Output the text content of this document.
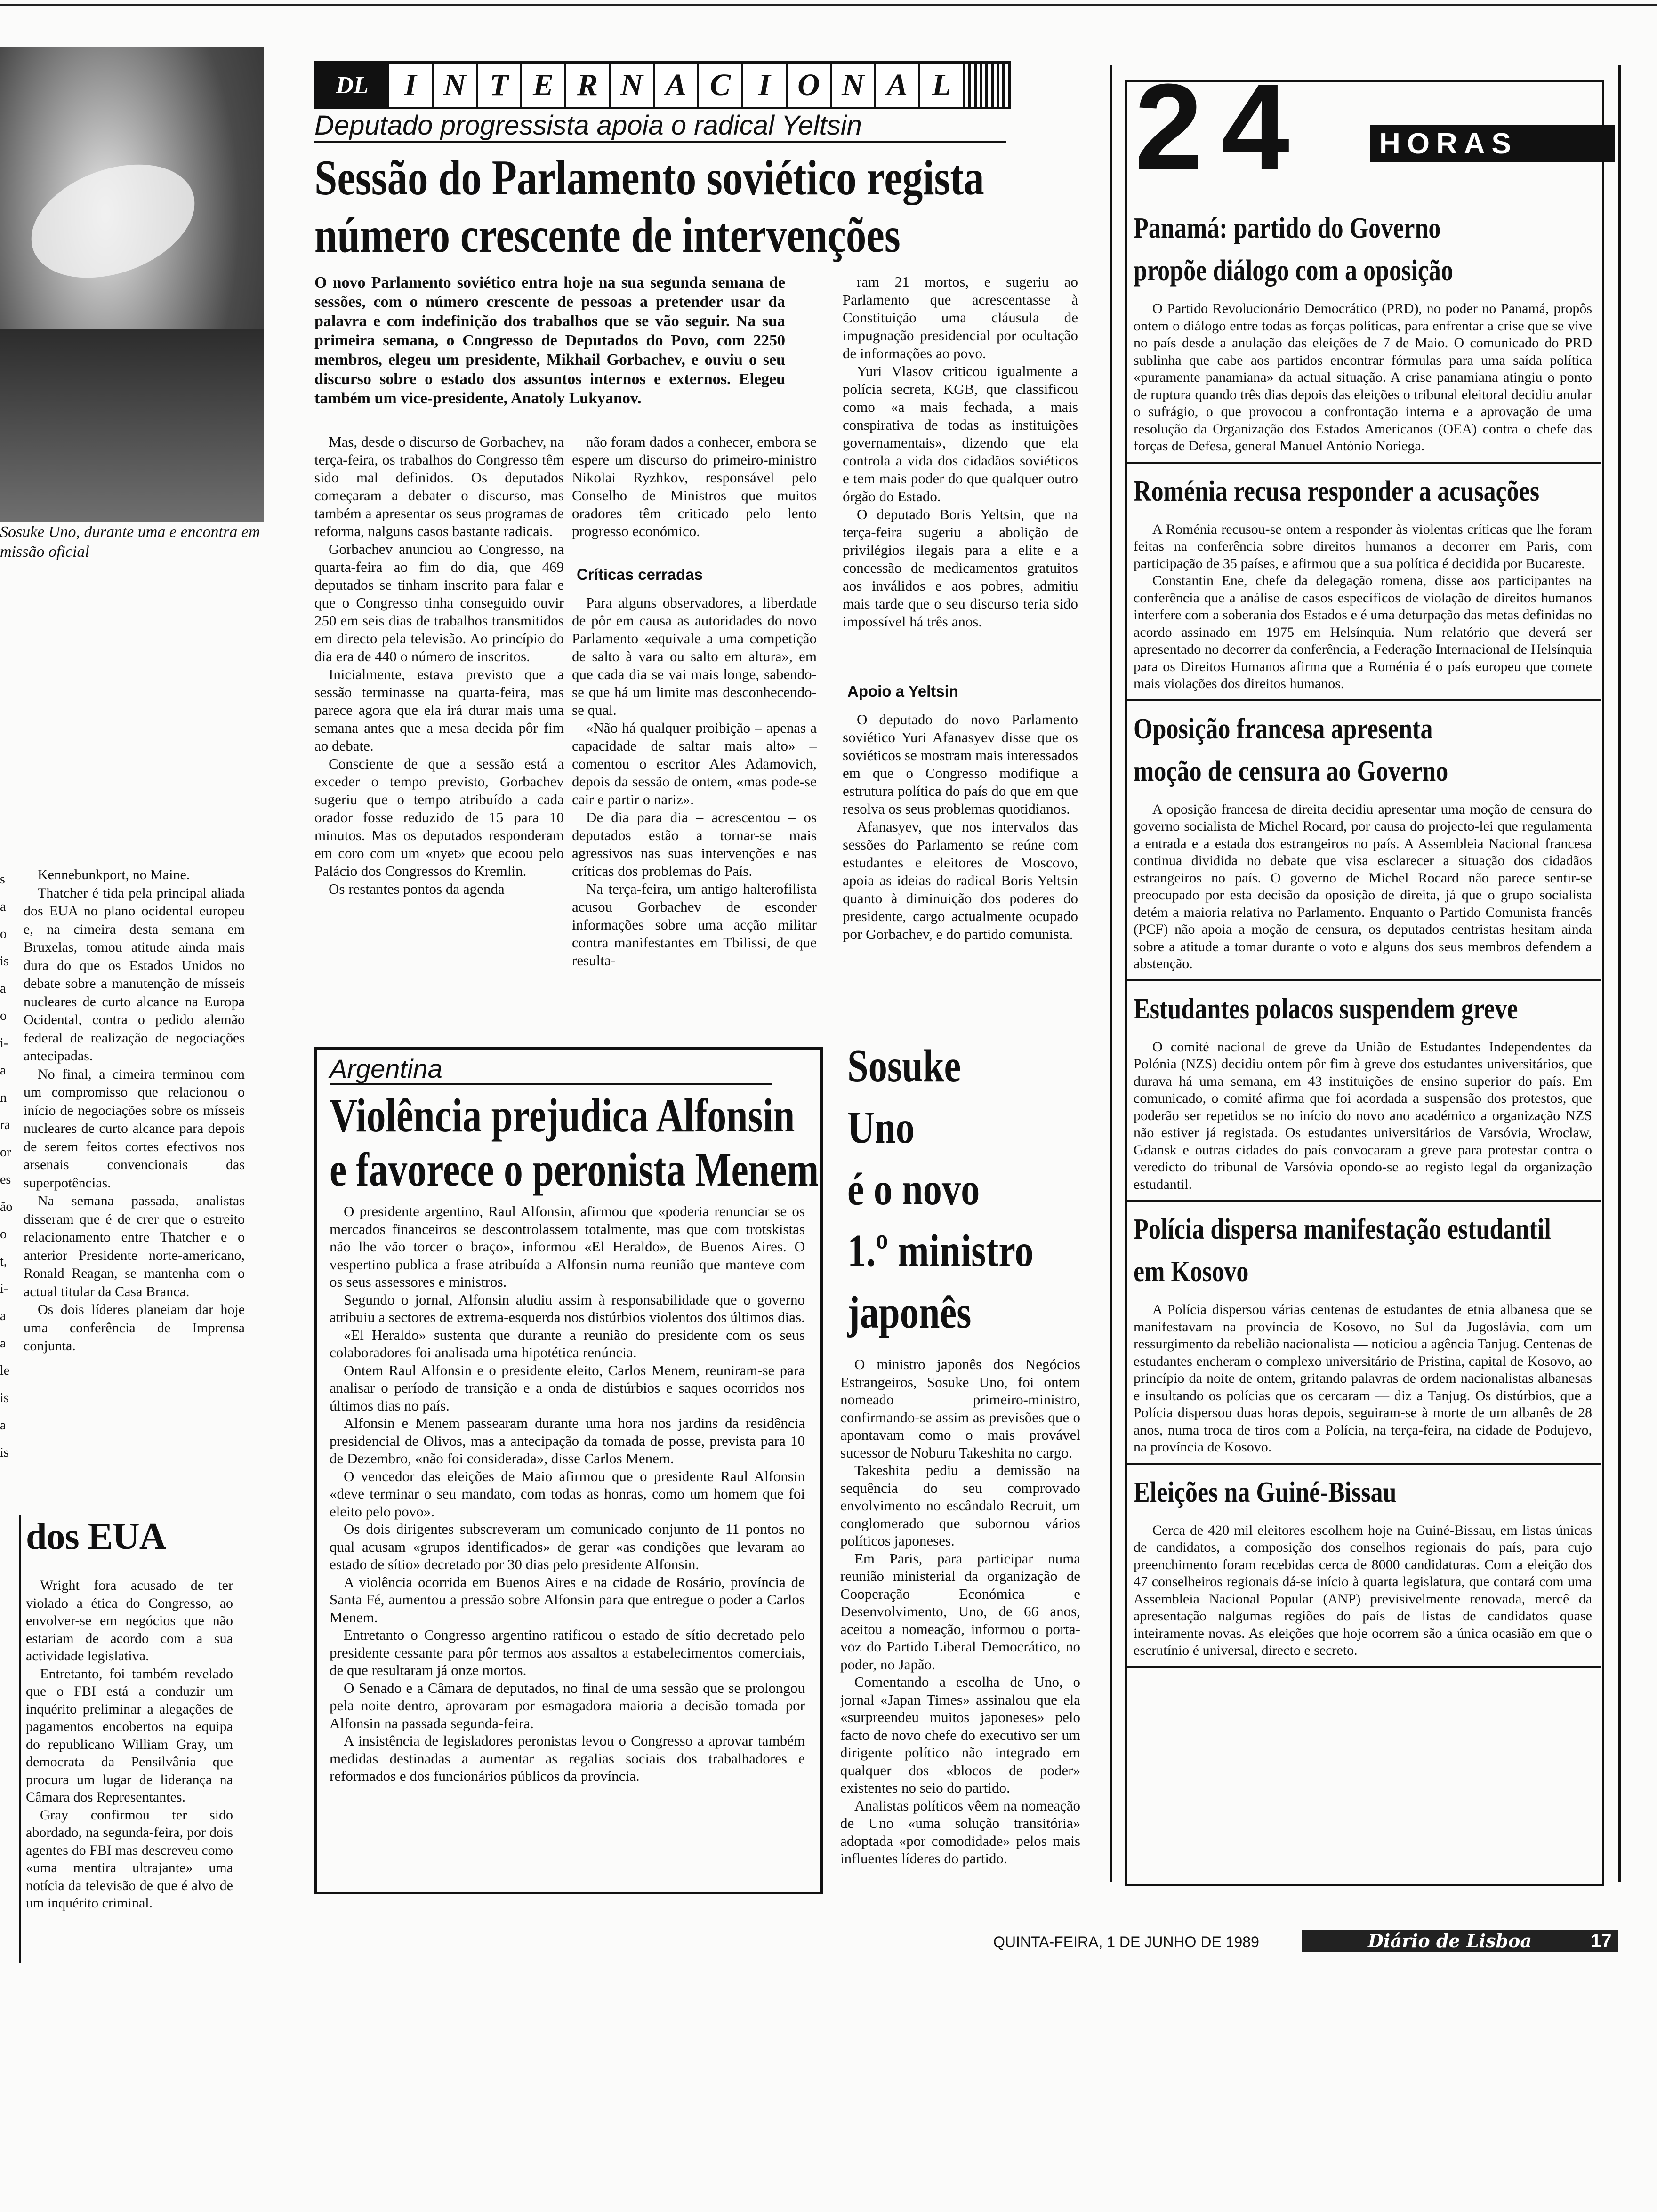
Sosuke Uno, durante uma e encontra em missão oficial
s
a
o
is
a
o
i-
a
n
ra
or
es
ão
o
t,
i-
a
a
le
is
a
is

Kennebunkport, no Maine.

Thatcher é tida pela principal aliada dos EUA no plano ocidental europeu e, na cimeira desta semana em Bruxelas, tomou atitude ainda mais dura do que os Estados Unidos no debate sobre a manutenção de mísseis nucleares de curto alcance na Europa Ocidental, contra o pedido alemão federal de realização de negociações antecipadas.

No final, a cimeira terminou com um compromisso que relacionou o início de negociações sobre os mísseis nucleares de curto alcance para depois de serem feitos cortes efectivos nos arsenais convencionais das superpotências.

Na semana passada, analistas disseram que é de crer que o estreito relacionamento entre Thatcher e o anterior Presidente norte-americano, Ronald Reagan, se mantenha com o actual titular da Casa Branca.

Os dois líderes planeiam dar hoje uma conferência de Imprensa conjunta.

dos EUA

Wright fora acusado de ter violado a ética do Congresso, ao envolver-se em negócios que não estariam de acordo com a sua actividade legislativa.

Entretanto, foi também revelado que o FBI está a conduzir um inquérito preliminar a alegações de pagamentos encobertos na equipa do republicano William Gray, um democrata da Pensilvânia que procura um lugar de liderança na Câmara dos Representantes.

Gray confirmou ter sido abordado, na segunda-feira, por dois agentes do FBI mas descreveu como «uma mentira ultrajante» uma notícia da televisão de que é alvo de um inquérito criminal.

DL	I N T E R N A C I O N A L
Deputado progressista apoia o radical Yeltsin
Sessão do Parlamento soviético regista
número crescente de intervenções
O novo Parlamento soviético entra hoje na sua segunda semana de sessões, com o número crescente de pessoas a pretender usar da palavra e com indefinição dos trabalhos que se vão seguir. Na sua primeira semana, o Congresso de Deputados do Povo, com 2250 membros, elegeu um presidente, Mikhail Gorbachev, e ouviu o seu discurso sobre o estado dos assuntos internos e externos. Elegeu também um vice-presidente, Anatoly Lukyanov.

Mas, desde o discurso de Gorbachev, na terça-feira, os trabalhos do Congresso têm sido mal definidos. Os deputados começaram a debater o discurso, mas também a apresentar os seus programas de reforma, nalguns casos bastante radicais.

Gorbachev anunciou ao Congresso, na quarta-feira ao fim do dia, que 469 deputados se tinham inscrito para falar e que o Congresso tinha conseguido ouvir 250 em seis dias de trabalhos transmitidos em directo pela televisão. Ao princípio do dia era de 440 o número de inscritos.

Inicialmente, estava previsto que a sessão terminasse na quarta-feira, mas parece agora que ela irá durar mais uma semana antes que a mesa decida pôr fim ao debate.

Consciente de que a sessão está a exceder o tempo previsto, Gorbachev sugeriu que o tempo atribuído a cada orador fosse reduzido de 15 para 10 minutos. Mas os deputados responderam em coro com um «nyet» que ecoou pelo Palácio dos Congressos do Kremlin.

Os restantes pontos da agenda

não foram dados a conhecer, embora se espere um discurso do primeiro-ministro Nikolai Ryzhkov, responsável pelo Conselho de Ministros que muitos oradores têm criticado pelo lento progresso económico.

Críticas cerradas

Para alguns observadores, a liberdade de pôr em causa as autoridades do novo Parlamento «equivale a uma competição de salto à vara ou salto em altura», em que cada dia se vai mais longe, sabendo-se que há um limite mas desconhecendo-se qual.

«Não há qualquer proibição – apenas a capacidade de saltar mais alto» – comentou o escritor Ales Adamovich, depois da sessão de ontem, «mas pode-se cair e partir o nariz».

De dia para dia – acrescentou – os deputados estão a tornar-se mais agressivos nas suas intervenções e nas críticas dos problemas do País.

Na terça-feira, um antigo halterofilista acusou Gorbachev de esconder informações sobre uma acção militar contra manifestantes em Tbilissi, de que resulta-

ram 21 mortos, e sugeriu ao Parlamento que acrescentasse à Constituição uma cláusula de impugnação presidencial por ocultação de informações ao povo.

Yuri Vlasov criticou igualmente a polícia secreta, KGB, que classificou como «a mais fechada, a mais conspirativa de todas as instituições governamentais», dizendo que ela controla a vida dos cidadãos soviéticos e tem mais poder do que qualquer outro órgão do Estado.

O deputado Boris Yeltsin, que na terça-feira sugeriu a abolição de privilégios ilegais para a elite e a concessão de medicamentos gratuitos aos inválidos e aos pobres, admitiu mais tarde que o seu discurso teria sido impossível há três anos.

Apoio a Yeltsin

O deputado do novo Parlamento soviético Yuri Afanasyev disse que os soviéticos se mostram mais interessados em que o Congresso modifique a estrutura política do país do que em que resolva os seus problemas quotidianos.

Afanasyev, que nos intervalos das sessões do Parlamento se reúne com estudantes e eleitores de Moscovo, apoia as ideias do radical Boris Yeltsin quanto à diminuição dos poderes do presidente, cargo actualmente ocupado por Gorbachev, e do partido comunista.

Argentina
Violência prejudica Alfonsin
e favorece o peronista Menem

O presidente argentino, Raul Alfonsin, afirmou que «poderia renunciar se os mercados financeiros se descontrolassem totalmente, mas que com trotskistas não lhe vão torcer o braço», informou «El Heraldo», de Buenos Aires. O vespertino publica a frase atribuída a Alfonsin numa reunião que manteve com os seus assessores e ministros.

Segundo o jornal, Alfonsin aludiu assim à responsabilidade que o governo atribuiu a sectores de extrema-esquerda nos distúrbios violentos dos últimos dias.

«El Heraldo» sustenta que durante a reunião do presidente com os seus colaboradores foi analisada uma hipotética renúncia.

Ontem Raul Alfonsin e o presidente eleito, Carlos Menem, reuniram-se para analisar o período de transição e a onda de distúrbios e saques ocorridos nos últimos dias no país.

Alfonsin e Menem passearam durante uma hora nos jardins da residência presidencial de Olivos, mas a antecipação da tomada de posse, prevista para 10 de Dezembro, «não foi considerada», disse Carlos Menem.

O vencedor das eleições de Maio afirmou que o presidente Raul Alfonsin «deve terminar o seu mandato, com todas as honras, como um homem que foi eleito pelo povo».

Os dois dirigentes subscreveram um comunicado conjunto de 11 pontos no qual acusam «grupos identificados» de gerar «as condições que levaram ao estado de sítio» decretado por 30 dias pelo presidente Alfonsin.

A violência ocorrida em Buenos Aires e na cidade de Rosário, província de Santa Fé, aumentou a pressão sobre Alfonsin para que entregue o poder a Carlos Menem.

Entretanto o Congresso argentino ratificou o estado de sítio decretado pelo presidente cessante para pôr termos aos assaltos a estabelecimentos comerciais, de que resultaram já onze mortos.

O Senado e a Câmara de deputados, no final de uma sessão que se prolongou pela noite dentro, aprovaram por esmagadora maioria a decisão tomada por Alfonsin na passada segunda-feira.

A insistência de legisladores peronistas levou o Congresso a aprovar também medidas destinadas a aumentar as regalias sociais dos trabalhadores e reformados e dos funcionários públicos da província.

Sosuke
Uno
é o novo
1.º ministro
japonês

O ministro japonês dos Negócios Estrangeiros, Sosuke Uno, foi ontem nomeado primeiro-ministro, confirmando-se assim as previsões que o apontavam como o mais provável sucessor de Noburu Takeshita no cargo.

Takeshita pediu a demissão na sequência do seu comprovado envolvimento no escândalo Recruit, um conglomerado que subornou vários políticos japoneses.

Em Paris, para participar numa reunião ministerial da organização de Cooperação Económica e Desenvolvimento, Uno, de 66 anos, aceitou a nomeação, informou o porta-voz do Partido Liberal Democrático, no poder, no Japão.

Comentando a escolha de Uno, o jornal «Japan Times» assinalou que ela «surpreendeu muitos japoneses» pelo facto de novo chefe do executivo ser um dirigente político não integrado em qualquer dos «blocos de poder» existentes no seio do partido.

Analistas políticos vêem na nomeação de Uno «uma solução transitória» adoptada «por comodidade» pelos mais influentes líderes do partido.

24	HORAS
Panamá: partido do Governo
propõe diálogo com a oposição
O Partido Revolucionário Democrático (PRD), no poder no Panamá, propôs ontem o diálogo entre todas as forças políticas, para enfrentar a crise que se vive no país desde a anulação das eleições de 7 de Maio. O comunicado do PRD sublinha que cabe aos partidos encontrar fórmulas para uma saída política «puramente panamiana» da actual situação. A crise panamiana atingiu o ponto de ruptura quando três dias depois das eleições o tribunal eleitoral decidiu anular o sufrágio, o que provocou a confrontação interna e a aprovação de uma resolução da Organização dos Estados Americanos (OEA) contra o chefe das forças de Defesa, general Manuel António Noriega.
Roménia recusa responder a acusações
A Roménia recusou-se ontem a responder às violentas críticas que lhe foram feitas na conferência sobre direitos humanos a decorrer em Paris, com participação de 35 países, e afirmou que a sua política é decidida por Bucareste.
Constantin Ene, chefe da delegação romena, disse aos participantes na conferência que a análise de casos específicos de violação de direitos humanos interfere com a soberania dos Estados e é uma deturpação das metas definidas no acordo assinado em 1975 em Helsínquia. Num relatório que deverá ser apresentado no decorrer da conferência, a Federação Internacional de Helsínquia para os Direitos Humanos afirma que a Roménia é o país europeu que comete mais violações dos direitos humanos.
Oposição francesa apresenta
moção de censura ao Governo
A oposição francesa de direita decidiu apresentar uma moção de censura do governo socialista de Michel Rocard, por causa do projecto-lei que regulamenta a entrada e a estada dos estrangeiros no país. A Assembleia Nacional francesa continua dividida no debate que visa esclarecer a situação dos cidadãos estrangeiros no país. O governo de Michel Rocard não parece sentir-se preocupado por esta decisão da oposição de direita, já que o grupo socialista detém a maioria relativa no Parlamento. Enquanto o Partido Comunista francês (PCF) não apoia a moção de censura, os deputados centristas hesitam ainda sobre a atitude a tomar durante o voto e alguns dos seus membros defendem a abstenção.
Estudantes polacos suspendem greve
O comité nacional de greve da União de Estudantes Independentes da Polónia (NZS) decidiu ontem pôr fim à greve dos estudantes universitários, que durava há uma semana, em 43 instituições de ensino superior do país. Em comunicado, o comité afirma que foi acordada a suspensão dos protestos, que poderão ser repetidos se no início do novo ano académico a organização NZS não estiver já registada. Os estudantes universitários de Varsóvia, Wroclaw, Gdansk e outras cidades do país convocaram a greve para protestar contra o veredicto do tribunal de Varsóvia opondo-se ao registo legal da organização estudantil.
Polícia dispersa manifestação estudantil
em Kosovo
A Polícia dispersou várias centenas de estudantes de etnia albanesa que se manifestavam na província de Kosovo, no Sul da Jugoslávia, com um ressurgimento da rebelião nacionalista — noticiou a agência Tanjug. Centenas de estudantes encheram o complexo universitário de Pristina, capital de Kosovo, ao princípio da noite de ontem, gritando palavras de ordem nacionalistas albanesas e insultando os polícias que os cercaram — diz a Tanjug. Os distúrbios, que a Polícia dispersou duas horas depois, seguiram-se à morte de um albanês de 28 anos, numa troca de tiros com a Polícia, na terça-feira, na cidade de Podujevo, na província de Kosovo.
Eleições na Guiné-Bissau
Cerca de 420 mil eleitores escolhem hoje na Guiné-Bissau, em listas únicas de candidatos, a composição dos conselhos regionais do país, para cujo preenchimento foram recebidas cerca de 8000 candidaturas. Com a eleição dos 47 conselheiros regionais dá-se início à quarta legislatura, que contará com uma Assembleia Nacional Popular (ANP) previsivelmente renovada, mercê da apresentação nalgumas regiões do país de listas de candidatos quase inteiramente novas. As eleições que hoje ocorrem são a única ocasião em que o escrutínio é universal, directo e secreto.
QUINTA-FEIRA, 1 DE JUNHO DE 1989	Diário de Lisboa	17
